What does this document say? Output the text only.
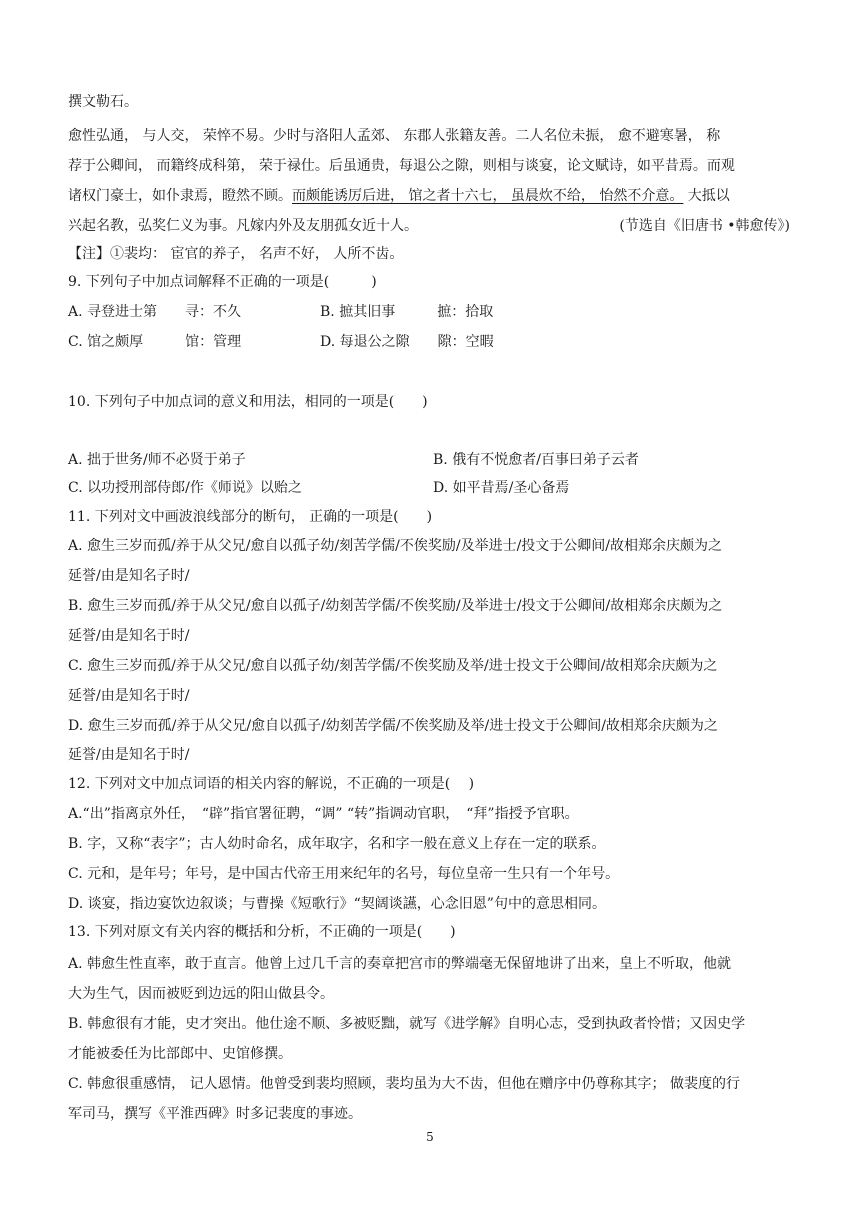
撰文勒石。
愈性弘通， 与人交， 荣悴不易。少时与洛阳人孟郊、 东郡人张籍友善。二人名位未振， 愈不避寒暑， 称
荐于公卿间， 而籍终成科第， 荣于禄仕。后虽通贵，每退公之隙，则相与谈宴，论文赋诗，如平昔焉。而观
诸权门豪士，如仆隶焉，瞪然不顾。而颇能诱厉后进， 馆之者十六七， 虽晨炊不给， 怡然不介意。 大抵以
兴起名教，弘奖仁义为事。凡嫁内外及友朋孤女近十人。	(节选自《旧唐书 •韩愈传》)
【注】①裴均： 宦官的养子， 名声不好， 人所不齿。
9. 下列句子中加点词解释不正确的一项是(　　　)
A. 寻登进士第　　寻：不久	B. 摭其旧事　　　摭：拾取
C. 馆之颇厚　　　馆：管理	D. 每退公之隙　　隙：空暇
10. 下列句子中加点词的意义和用法，相同的一项是(　　)
A. 拙于世务/师不必贤于弟子	B. 俄有不悦愈者/百事曰弟子云者
C. 以功授刑部侍郎/作《师说》以贻之	D. 如平昔焉/圣心备焉
11. 下列对文中画波浪线部分的断句， 正确的一项是(　　)
A. 愈生三岁而孤/养于从父兄/愈自以孤子幼/刻苦学儒/不俟奖励/及举进士/投文于公卿间/故相郑余庆颇为之
延誉/由是知名子时/
B. 愈生三岁而孤/养于从父兄/愈自以孤子/幼刻苦学儒/不俟奖励/及举进士/投文于公卿间/故相郑余庆颇为之
延誉/由是知名于时/
C. 愈生三岁而孤/养于从父兄/愈自以孤子幼/刻苦学儒/不俟奖励及举/进士投文于公卿间/故相郑余庆颇为之
延誉/由是知名于时/
D. 愈生三岁而孤/养于从父兄/愈自以孤子/幼刻苦学儒/不俟奖励及举/进士投文于公卿间/故相郑余庆颇为之
延誉/由是知名于时/
12. 下列对文中加点词语的相关内容的解说，不正确的一项是(　 )
A.“出”指离京外任，　“辟”指官署征聘，“调” “转”指调动官职，　“拜”指授予官职。
B. 字，又称“表字”；古人幼时命名，成年取字，名和字一般在意义上存在一定的联系。
C. 元和，是年号；年号，是中国古代帝王用来纪年的名号，每位皇帝一生只有一个年号。
D. 谈宴，指边宴饮边叙谈；与曹操《短歌行》“契阔谈讌，心念旧恩”句中的意思相同。
13. 下列对原文有关内容的概括和分析，不正确的一项是(　　)
A. 韩愈生性直率，敢于直言。他曾上过几千言的奏章把宫市的弊端毫无保留地讲了出来，皇上不听取，他就
大为生气，因而被贬到边远的阳山做县令。
B. 韩愈很有才能，史才突出。他仕途不顺、多被贬黜，就写《进学解》自明心志，受到执政者怜惜；又因史学
才能被委任为比部郎中、史馆修撰。
C. 韩愈很重感情， 记人恩情。他曾受到裴均照顾，裴均虽为大不齿，但他在赠序中仍尊称其字； 做裴度的行
军司马，撰写《平淮西碑》时多记裴度的事迹。
5
